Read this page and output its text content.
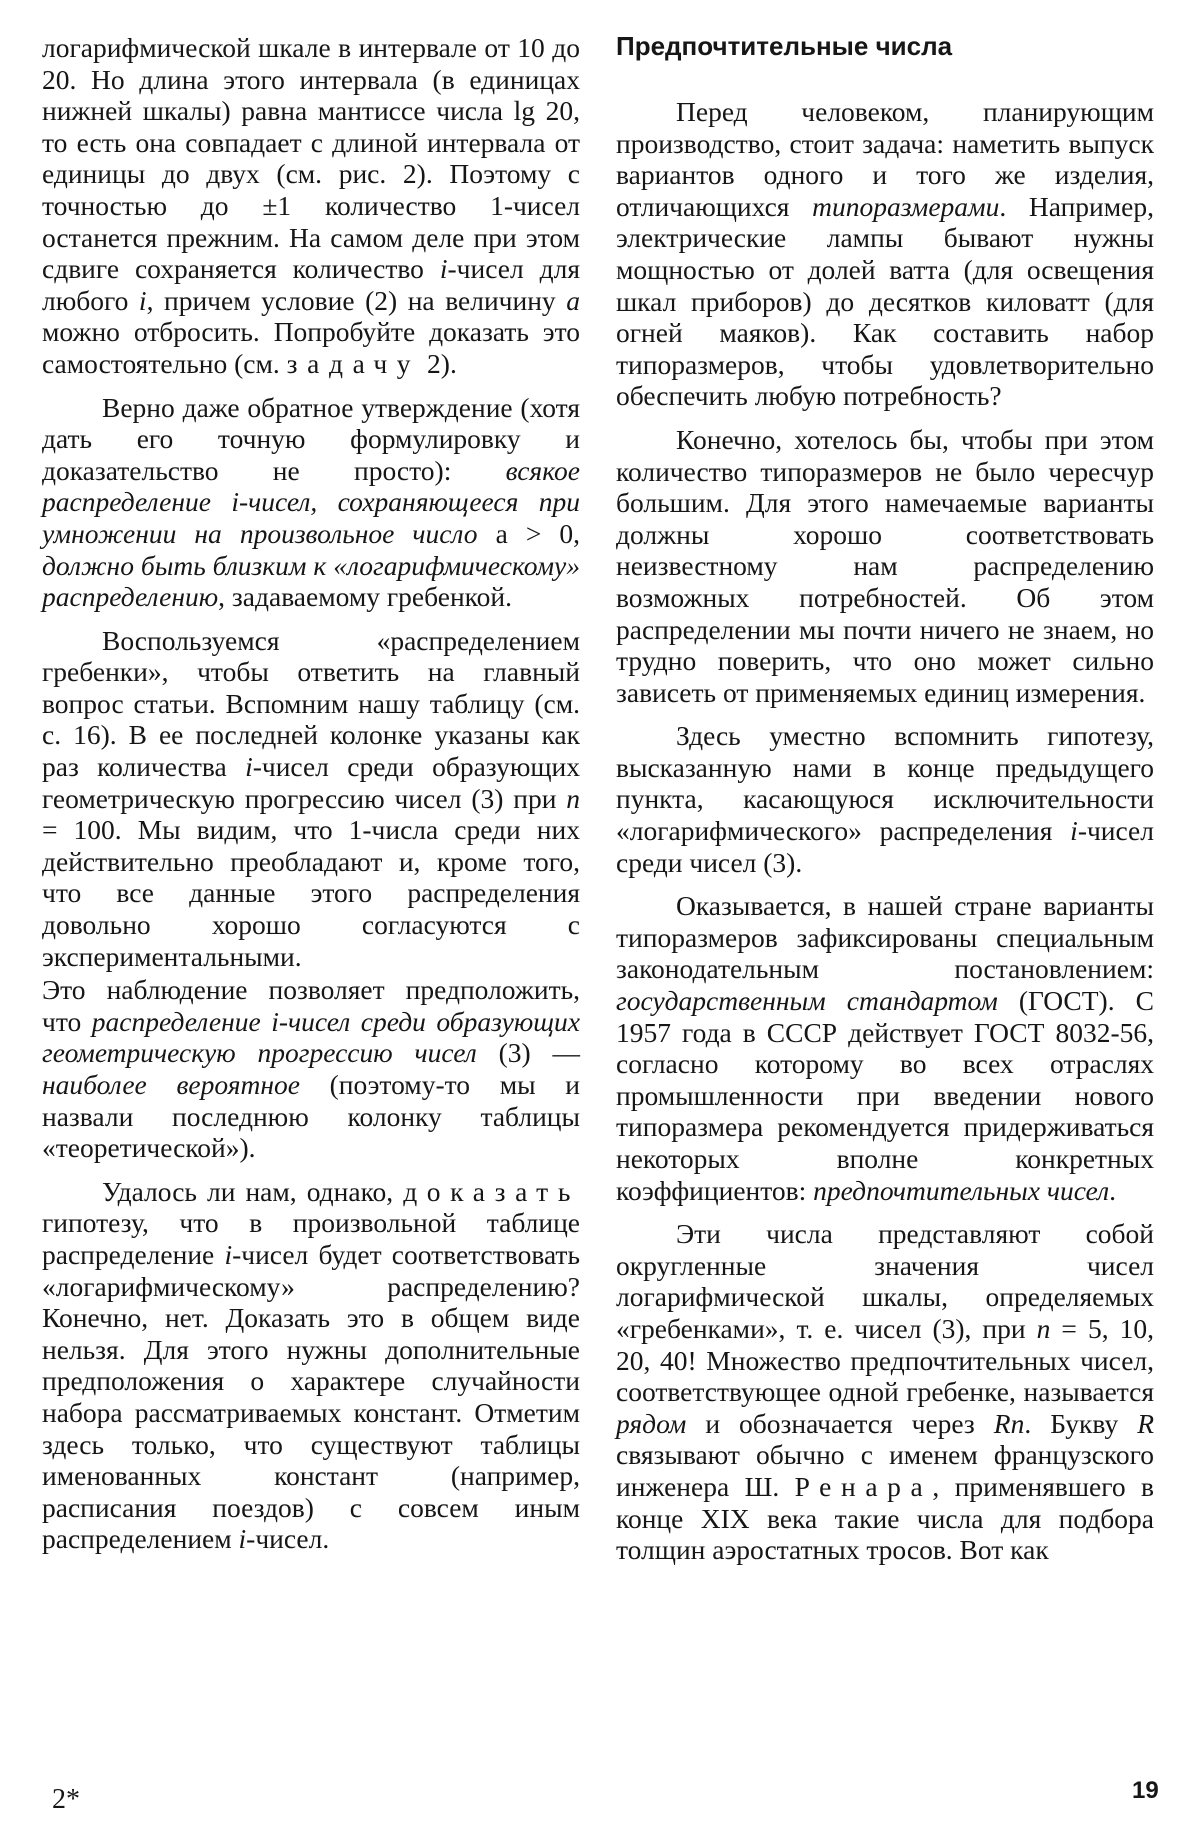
логарифмической шкале в интервале от 10 до 20. Но длина этого интервала (в единицах нижней шкалы) равна мантиссе числа lg 20, то есть она совпадает с длиной интервала от единицы до двух (см. рис. 2). Поэтому с точностью до ±1 количество 1-чисел останется прежним. На самом деле при этом сдвиге сохраняется количество i-чисел для любого i, причем условие (2) на величину a можно отбросить. Попробуйте доказать это самостоятельно (см. задачу 2).

Верно даже обратное утверждение (хотя дать его точную формулировку и доказательство не просто): всякое распределение i-чисел, сохраняющееся при умножении на произвольное число a > 0, должно быть близким к «логарифмическому» распределению, задаваемому гребенкой.

Воспользуемся «распределением гребенки», чтобы ответить на главный вопрос статьи. Вспомним нашу таблицу (см. с. 16). В ее последней колонке указаны как раз количества i-чисел среди образующих геометрическую прогрессию чисел (3) при n = 100. Мы видим, что 1-числа среди них действительно преобладают и, кроме того, что все данные этого распределения довольно хорошо согласуются с экспериментальными.

Это наблюдение позволяет предположить, что распределение i-чисел среди образующих геометрическую прогрессию чисел (3) — наиболее вероятное (поэтому-то мы и назвали последнюю колонку таблицы «теоретической»).

Удалось ли нам, однако, доказать гипотезу, что в произвольной таблице распределение i-чисел будет соответствовать «логарифмическому» распределению? Конечно, нет. Доказать это в общем виде нельзя. Для этого нужны дополнительные предположения о характере случайности набора рассматриваемых констант. Отметим здесь только, что существуют таблицы именованных констант (например, расписания поездов) с совсем иным распределением i-чисел.

Предпочтительные числа

Перед человеком, планирующим производство, стоит задача: наметить выпуск вариантов одного и того же изделия, отличающихся типоразмерами. Например, электрические лампы бывают нужны мощностью от долей ватта (для освещения шкал приборов) до десятков киловатт (для огней маяков). Как составить набор типоразмеров, чтобы удовлетворительно обеспечить любую потребность?

Конечно, хотелось бы, чтобы при этом количество типоразмеров не было чересчур большим. Для этого намечаемые варианты должны хорошо соответствовать неизвестному нам распределению возможных потребностей. Об этом распределении мы почти ничего не знаем, но трудно поверить, что оно может сильно зависеть от применяемых единиц измерения.

Здесь уместно вспомнить гипотезу, высказанную нами в конце предыдущего пункта, касающуюся исключительности «логарифмического» распределения i-чисел среди чисел (3).

Оказывается, в нашей стране варианты типоразмеров зафиксированы специальным законодательным постановлением: государственным стандартом (ГОСТ). С 1957 года в СССР действует ГОСТ 8032-56, согласно которому во всех отраслях промышленности при введении нового типоразмера рекомендуется придерживаться некоторых вполне конкретных коэффициентов: предпочтительных чисел.

Эти числа представляют собой округленные значения чисел логарифмической шкалы, определяемых «гребенками», т. е. чисел (3), при n = 5, 10, 20, 40! Множество предпочтительных чисел, соответствующее одной гребенке, называется рядом и обозначается через Rn. Букву R связывают обычно с именем французского инженера Ш. Ренара, применявшего в конце XIX века такие числа для подбора толщин аэростатных тросов. Вот как

2*	19
